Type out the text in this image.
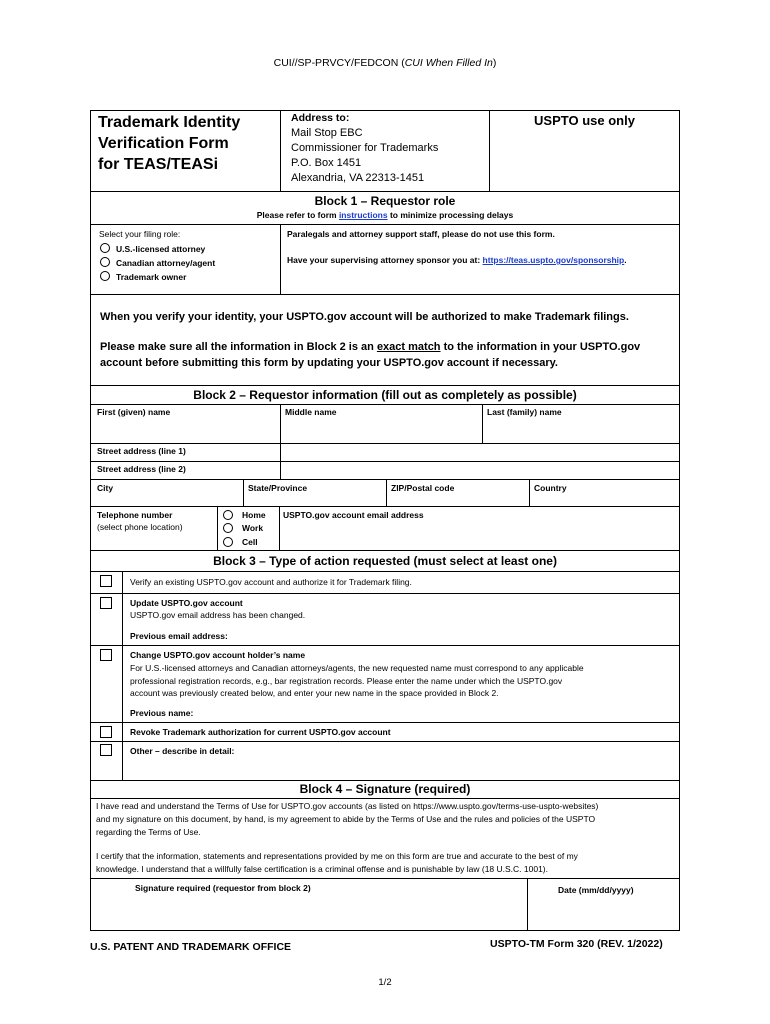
CUI//SP-PRVCY/FEDCON (CUI When Filled In)
Trademark Identity
Verification Form
for TEAS/TEASi
Address to:
Mail Stop EBC
Commissioner for Trademarks
P.O. Box 1451
Alexandria, VA 22313-1451
USPTO use only
Block 1 – Requestor role
Please refer to form instructions to minimize processing delays
Select your filing role:
U.S.-licensed attorney
Canadian attorney/agent
Trademark owner
Paralegals and attorney support staff, please do not use this form.
Have your supervising attorney sponsor you at: https://teas.uspto.gov/sponsorship.
When you verify your identity, your USPTO.gov account will be authorized to make Trademark filings.
Please make sure all the information in Block 2 is an exact match to the information in your USPTO.gov
account before submitting this form by updating your USPTO.gov account if necessary.
Block 2 – Requestor information (fill out as completely as possible)
First (given) name	Middle name	Last (family) name
Street address (line 1)
Street address (line 2)
City	State/Province	ZIP/Postal code	Country
Telephone number
(select phone location)
Home
Work
Cell
USPTO.gov account email address
Block 3 – Type of action requested (must select at least one)
Verify an existing USPTO.gov account and authorize it for Trademark filing.
Update USPTO.gov account
USPTO.gov email address has been changed.
Previous email address:
Change USPTO.gov account holder’s name
For U.S.-licensed attorneys and Canadian attorneys/agents, the new requested name must correspond to any applicable
professional registration records, e.g., bar registration records. Please enter the name under which the USPTO.gov
account was previously created below, and enter your new name in the space provided in Block 2.
Previous name:
Revoke Trademark authorization for current USPTO.gov account
Other – describe in detail:
Block 4 – Signature (required)
I have read and understand the Terms of Use for USPTO.gov accounts (as listed on https://www.uspto.gov/terms-use-uspto-websites)
and my signature on this document, by hand, is my agreement to abide by the Terms of Use and the rules and policies of the USPTO
regarding the Terms of Use.
I certify that the information, statements and representations provided by me on this form are true and accurate to the best of my
knowledge. I understand that a willfully false certification is a criminal offense and is punishable by law (18 U.S.C. 1001).
Signature required (requestor from block 2)	Date (mm/dd/yyyy)
U.S. PATENT AND TRADEMARK OFFICE	USPTO-TM Form 320 (REV. 1/2022)
1/2
